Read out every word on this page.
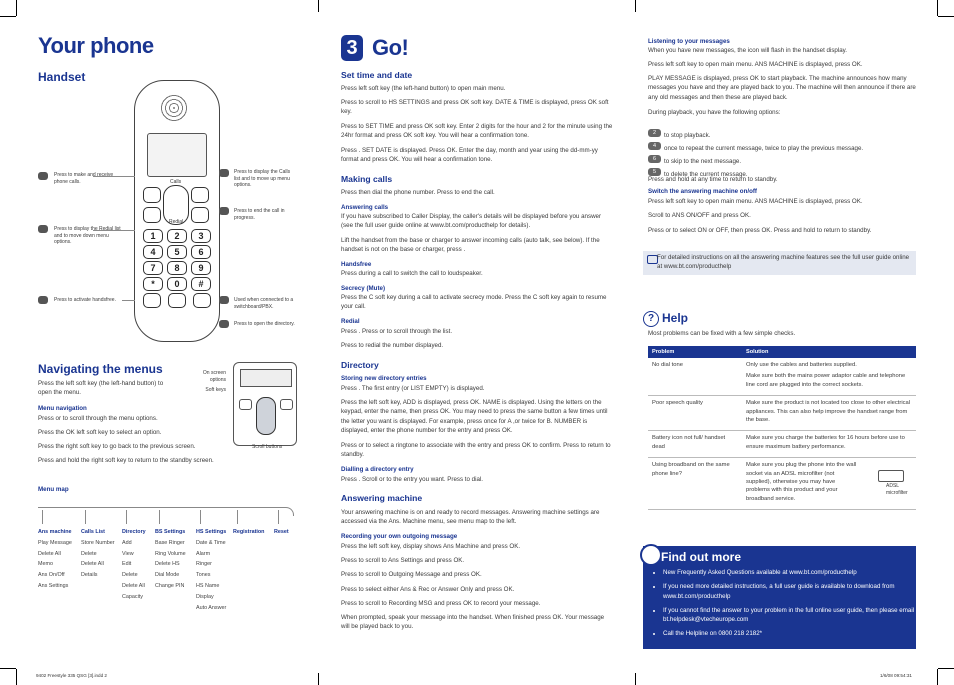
Your phone
Handset
Calls
Redial
1	2	3
4	5	6
7	8	9
*	0	#
Press to make and receive phone calls.
Press to display the Redial list and to move down menu options.
Press to activate handsfree.
Press to display the Calls list and to move up menu options.
Press to end the call in progress.
Used when connected to a switchboard/PBX.
Press to open the directory.
Navigating the menus

Press the left soft key (the left-hand button) to open the menu.

Menu navigation

Press or to scroll through the menu options.

Press the OK left soft key to select an option.

Press the right soft key to go back to the previous screen.

Press and hold the right soft key to return to the standby screen.

On screen options
Soft keys
Scroll buttons
Menu map
Ans machine
Play Message
Delete All
Memo
Ans On/Off
Ans Settings
Calls List
Store Number
Delete
Delete All
Details
Directory
Add
View
Edit
Delete
Delete All
Capacity
BS Settings
Base Ringer
Ring Volume
Delete HS
Dial Mode
Change PIN
HS Settings
Date & Time
Alarm
Ringer
Tones
HS Name
Display
Auto Answer
Registration Reset
3 Go!
Set time and date

Press left soft key (the left-hand button) to open main menu.

Press to scroll to HS SETTINGS and press OK soft key. DATE & TIME is displayed, press OK soft key.

Press to SET TIME and press OK soft key. Enter 2 digits for the hour and 2 for the minute using the 24hr format and press OK soft key. You will hear a confirmation tone.

Press . SET DATE is displayed. Press OK. Enter the day, month and year using the dd-mm-yy format and press OK. You will hear a confirmation tone.

Making calls

Press then dial the phone number. Press to end the call.

Answering calls

If you have subscribed to Caller Display, the caller's details will be displayed before you answer (see the full user guide online at www.bt.com/producthelp for details).

Lift the handset from the base or charger to answer incoming calls (auto talk, see below). If the handset is not on the base or charger, press .

Handsfree

Press during a call to switch the call to loudspeaker.

Secrecy (Mute)

Press the C soft key during a call to activate secrecy mode. Press the C soft key again to resume your call.

Redial

Press . Press or to scroll through the list.

Press to redial the number displayed.

Directory
Storing new directory entries

Press . The first entry (or LIST EMPTY) is displayed.

Press the left soft key, ADD is displayed, press OK. NAME is displayed. Using the letters on the keypad, enter the name, then press OK. You may need to press the same button a few times until the letter you want is displayed. For example, press once for A ,or twice for B. NUMBER is displayed, enter the phone number for the entry and press OK.

Press or to select a ringtone to associate with the entry and press OK to confirm. Press to return to standby.

Dialling a directory entry

Press . Scroll or to the entry you want. Press to dial.

Answering machine

Your answering machine is on and ready to record messages. Answering machine settings are accessed via the Ans. Machine menu, see menu map to the left.

Recording your own outgoing message

Press the left soft key, display shows Ans Machine and press OK.

Press to scroll to Ans Settings and press OK.

Press to scroll to Outgoing Message and press OK.

Press to select either Ans & Rec or Answer Only and press OK.

Press to scroll to Recording MSG and press OK to record your message.

When prompted, speak your message into the handset. When finished press OK. Your message will be played back to you.

Listening to your messages

When you have new messages, the icon will flash in the handset display.

Press left soft key to open main menu. ANS MACHINE is displayed, press OK.

PLAY MESSAGE is displayed, press OK to start playback. The machine announces how many messages you have and they are played back to you. The machine will then announce if there are any old messages and then these are played back.

During playback, you have the following options:

2 to stop playback.
4 once to repeat the current message, twice to play the previous message.
6 to skip to the next message.
5 to delete the current message.

Press and hold at any time to return to standby.

Switch the answering machine on/off

Press left soft key to open main menu. ANS MACHINE is displayed, press OK.

Scroll to ANS ON/OFF and press OK.

Press or to select ON or OFF, then press OK. Press and hold to return to standby.

For detailed instructions on all the answering machine features see the full user guide online at www.bt.com/producthelp

? Help

Most problems can be fixed with a few simple checks.

Problem	Solution
No dial tone	Only use the cables and batteries supplied.
Make sure both the mains power adaptor cable and telephone line cord are plugged into the correct sockets.

Poor speech quality	Make sure the product is not located too close to other electrical appliances. This can also help improve the handset range from the base.

Battery icon not full/ handset dead	Make sure you charge the batteries for 16 hours before use to ensure maximum battery performance.

Using broadband on the same phone line?	Make sure you plug the phone into the wall socket via an ADSL microfilter (not supplied), otherwise you may have problems with this product and your broadband service.
ADSL microfilter
Find out more
• New Frequently Asked Questions available at www.bt.com/producthelp
• If you need more detailed instructions, a full user guide is available to download from www.bt.com/producthelp
• If you cannot find the answer to your problem in the full online user guide, then please email bt.helpdesk@vtecheurope.com
• Call the Helpline on 0800 218 2182*
9402 Freestyle 335 QSG [3].indd 2	1/6/08 09:54:31
